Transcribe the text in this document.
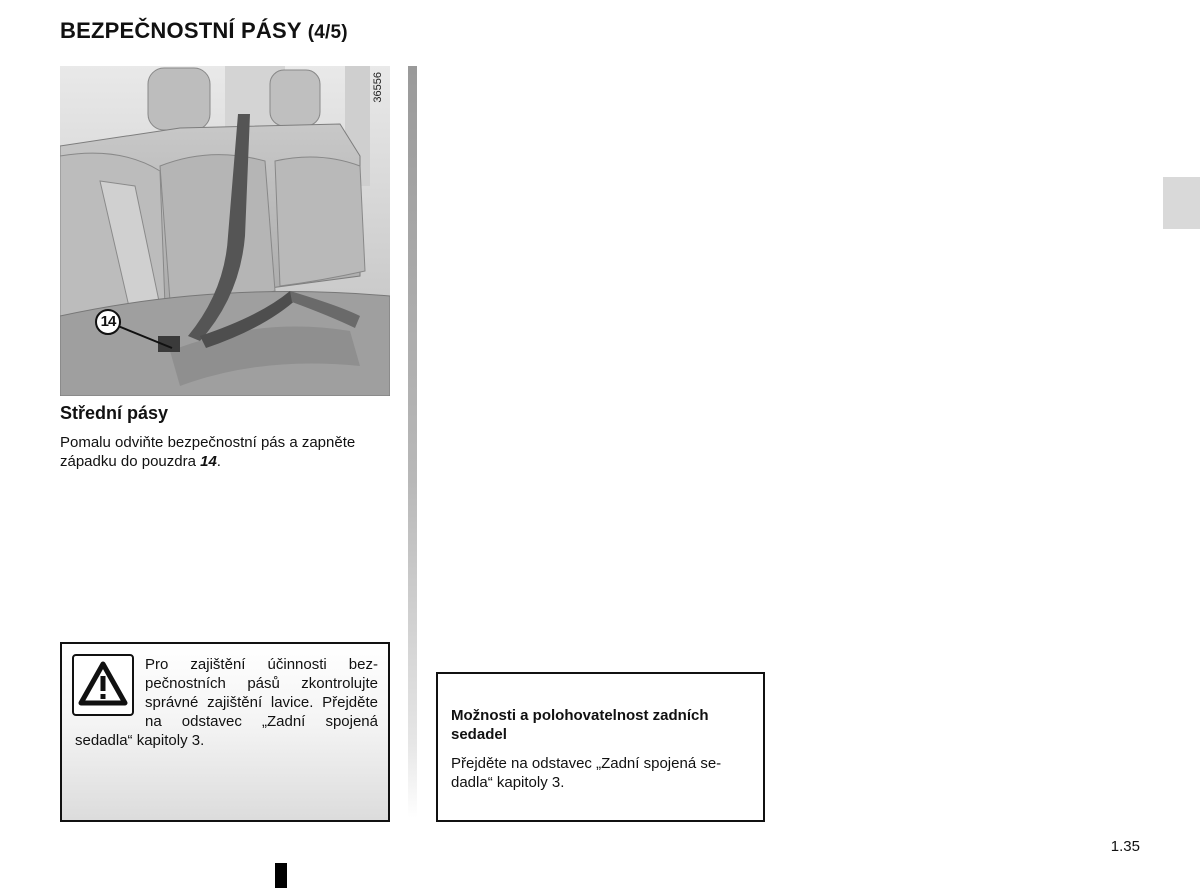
BEZPEČNOSTNÍ PÁSY (4/5)
36556
14
Střední pásy
Pomalu odviňte bezpečnostní pás a zapněte západku do pouzdra 14.
Pro zajištění účinnosti bezpečnostních pásů zkontrolujte správné zajištění lavice. Přejděte na odstavec „Zadní spojená sedadla“ kapitoly 3.
Možnosti a polohovatelnost zadních sedadel
Přejděte na odstavec „Zadní spojená sedadla“ kapitoly 3.
1.35
